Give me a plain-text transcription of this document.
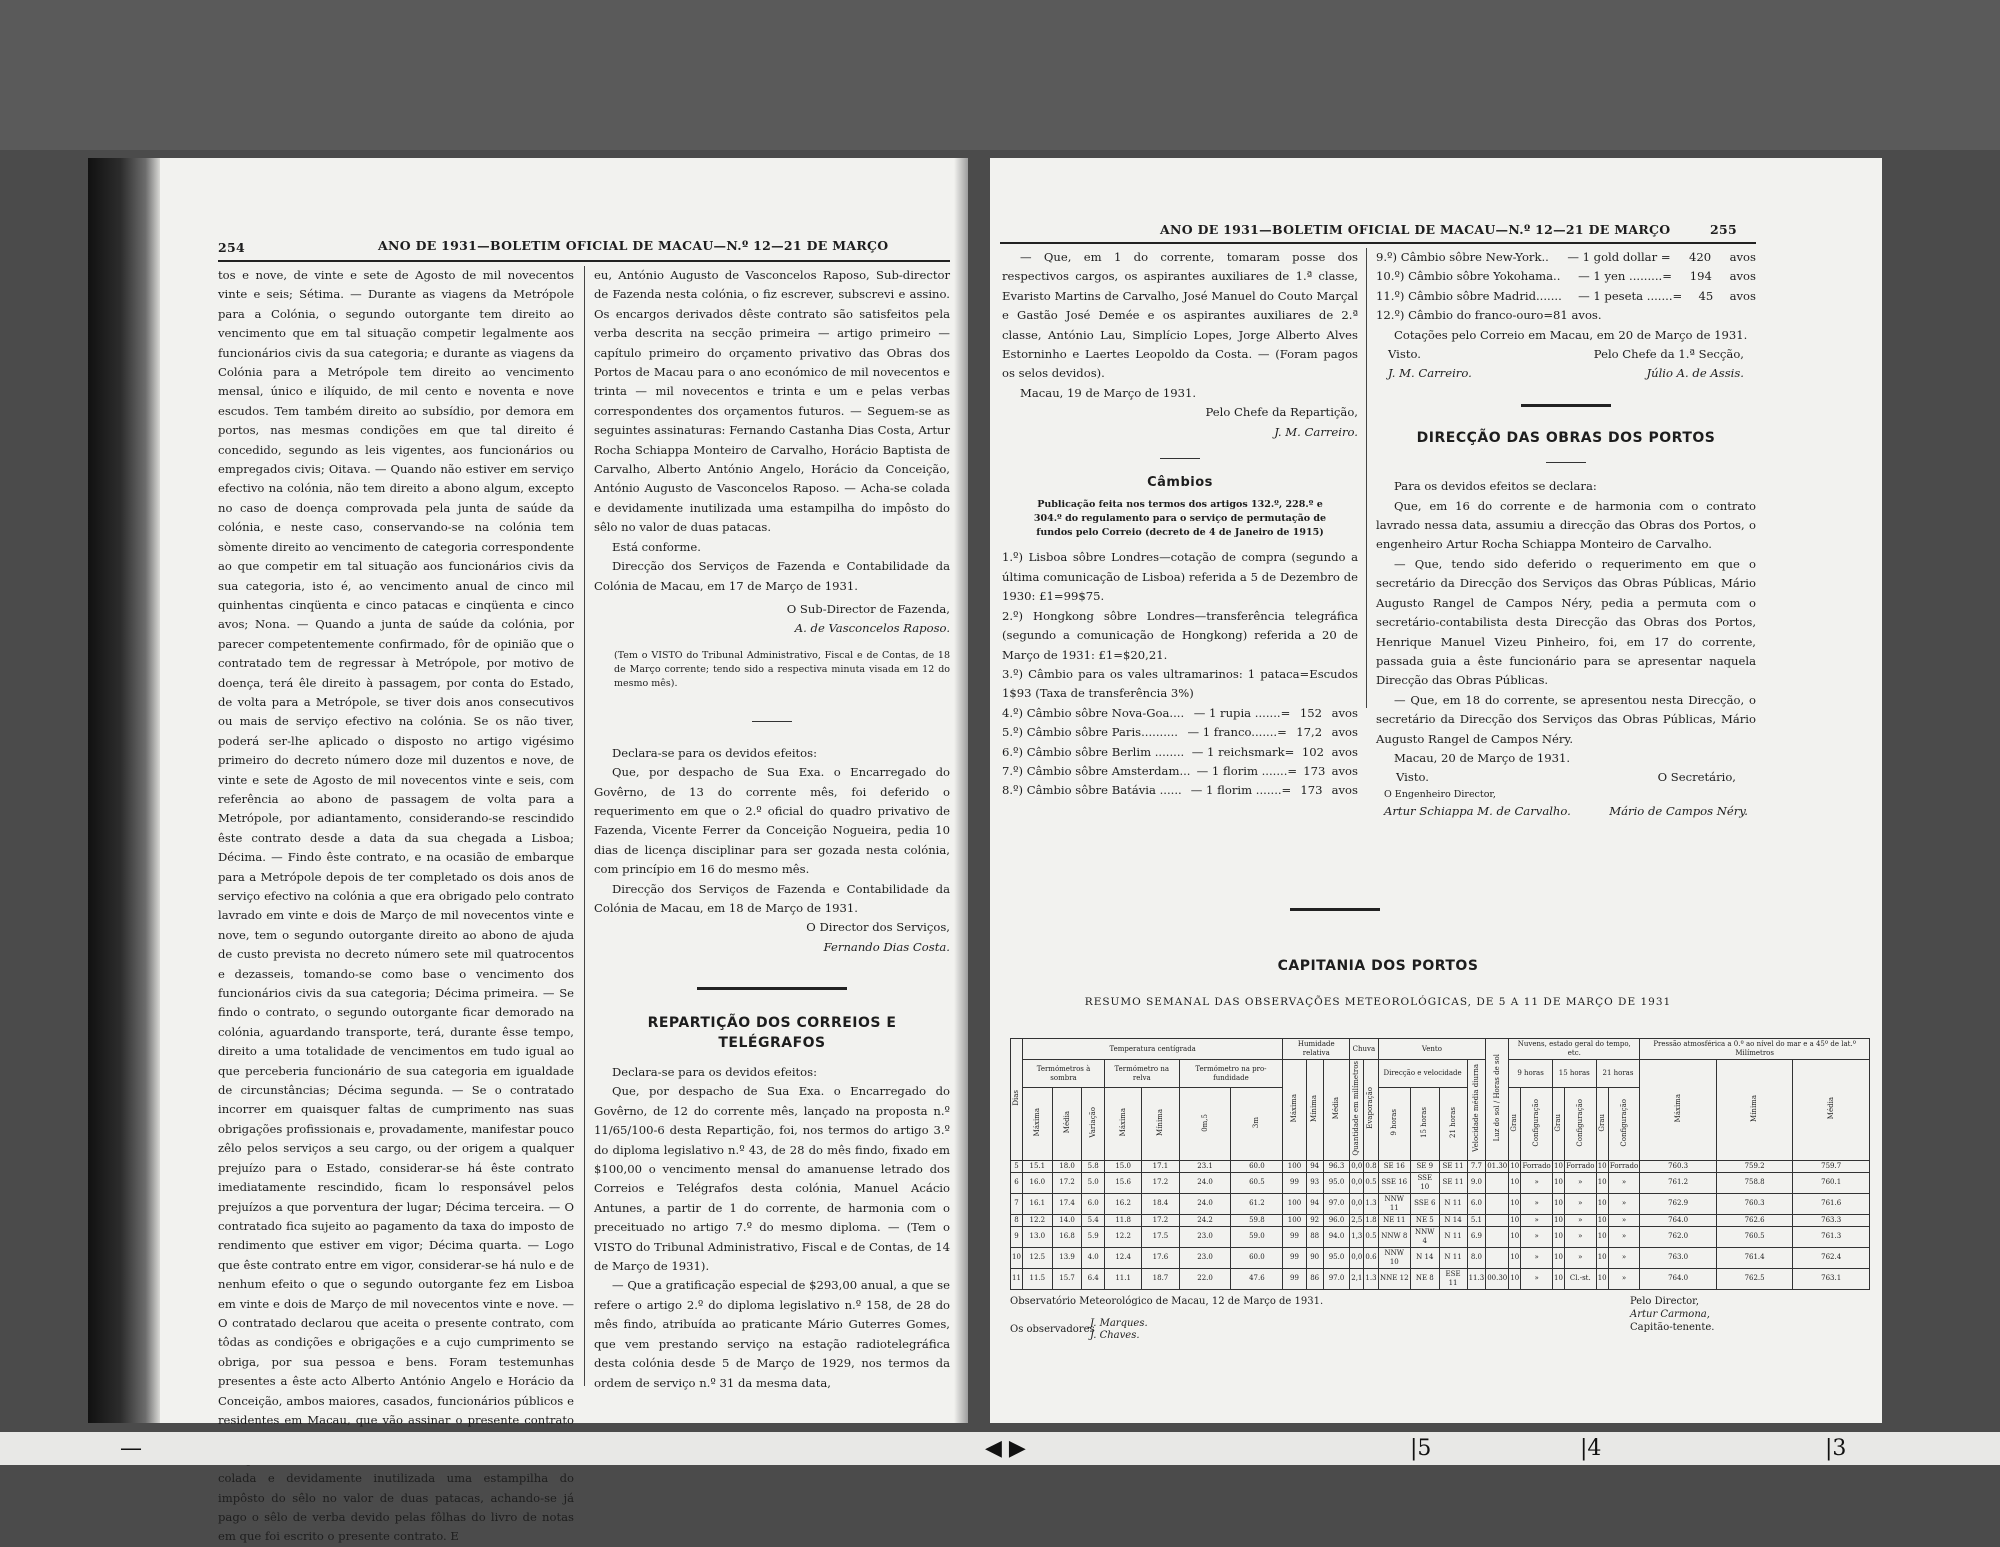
254	ANO DE 1931—BOLETIM OFICIAL DE MACAU—N.º 12—21 DE MARÇO

tos e nove, de vinte e sete de Agosto de mil novecentos vinte e seis; Sétima. — Durante as viagens da Metrópole para a Colónia, o segundo outorgante tem direito ao vencimento que em tal situação competir legalmente aos funcionários civis da sua categoria; e durante as viagens da Colónia para a Metrópole tem direito ao vencimento mensal, único e ilíquido, de mil cento e noventa e nove escudos. Tem também direito ao subsídio, por demora em portos, nas mesmas condições em que tal direito é concedido, segundo as leis vigentes, aos funcionários ou empregados civis; Oitava. — Quando não estiver em serviço efectivo na colónia, não tem direito a abono algum, excepto no caso de doença comprovada pela junta de saúde da colónia, e neste caso, conservando-se na colónia tem sòmente direito ao vencimento de categoria correspondente ao que competir em tal situação aos funcionários civis da sua categoria, isto é, ao vencimento anual de cinco mil quinhentas cinqüenta e cinco patacas e cinqüenta e cinco avos; Nona. — Quando a junta de saúde da colónia, por parecer competentemente confirmado, fôr de opinião que o contratado tem de regressar à Metrópole, por motivo de doença, terá êle direito à passagem, por conta do Estado, de volta para a Metrópole, se tiver dois anos consecutivos ou mais de serviço efectivo na colónia. Se os não tiver, poderá ser-lhe aplicado o disposto no artigo vigésimo primeiro do decreto número doze mil duzentos e nove, de vinte e sete de Agosto de mil novecentos vinte e seis, com referência ao abono de passagem de volta para a Metrópole, por adiantamento, considerando-se rescindido êste contrato desde a data da sua chegada a Lisboa; Décima. — Findo êste contrato, e na ocasião de embarque para a Metrópole depois de ter completado os dois anos de serviço efectivo na colónia a que era obrigado pelo contrato lavrado em vinte e dois de Março de mil novecentos vinte e nove, tem o segundo outorgante direito ao abono de ajuda de custo prevista no decreto número sete mil quatrocentos e dezasseis, tomando-se como base o vencimento dos funcionários civis da sua categoria; Décima primeira. — Se findo o contrato, o segundo outorgante ficar demorado na colónia, aguardando transporte, terá, durante êsse tempo, direito a uma totalidade de vencimentos em tudo igual ao que perceberia funcionário de sua categoria em igualdade de circunstâncias; Décima segunda. — Se o contratado incorrer em quaisquer faltas de cumprimento nas suas obrigações profissionais e, provadamente, manifestar pouco zêlo pelos serviços a seu cargo, ou der origem a qualquer prejuízo para o Estado, considerar-se há êste contrato imediatamente rescindido, ficam lo responsável pelos prejuízos a que porventura der lugar; Décima terceira. — O contratado fica sujeito ao pagamento da taxa do imposto de rendimento que estiver em vigor; Décima quarta. — Logo que êste contrato entre em vigor, considerar-se há nulo e de nenhum efeito o que o segundo outorgante fez em Lisboa em vinte e dois de Março de mil novecentos vinte e nove. — O contratado declarou que aceita o presente contrato, com tôdas as condições e obrigações e a cujo cumprimento se obriga, por sua pessoa e bens. Foram testemunhas presentes a êste acto Alberto António Angelo e Horácio da Conceição, ambos maiores, casados, funcionários públicos e residentes em Macau, que vão assinar o presente contrato colada e devidamente inutilizada uma estampilha do impôsto do sêlo no valor de duas patacas, achando-se já pago o sêlo de verba devido pelas fôlhas do livro de notas em que foi escrito o presente contrato. E

eu, António Augusto de Vasconcelos Raposo, Sub-director de Fazenda nesta colónia, o fiz escrever, subscrevi e assino. Os encargos derivados dêste contrato são satisfeitos pela verba descrita na secção primeira — artigo primeiro — capítulo primeiro do orçamento privativo das Obras dos Portos de Macau para o ano económico de mil novecentos e trinta — mil novecentos e trinta e um e pelas verbas correspondentes dos orçamentos futuros. — Seguem-se as seguintes assinaturas: Fernando Castanha Dias Costa, Artur Rocha Schiappa Monteiro de Carvalho, Horácio Baptista de Carvalho, Alberto António Angelo, Horácio da Conceição, António Augusto de Vasconcelos Raposo. — Acha-se colada e devidamente inutilizada uma estampilha do impôsto do sêlo no valor de duas patacas.

Está conforme.

Direcção dos Serviços de Fazenda e Contabilidade da Colónia de Macau, em 17 de Março de 1931.

O Sub-Director de Fazenda,

A. de Vasconcelos Raposo.

(Tem o VISTO do Tribunal Administrativo, Fiscal e de Contas, de 18 de Março corrente; tendo sido a respectiva minuta visada em 12 do mesmo mês).

Declara-se para os devidos efeitos:

Que, por despacho de Sua Exa. o Encarregado do Govêrno, de 13 do corrente mês, foi deferido o requerimento em que o 2.º oficial do quadro privativo de Fazenda, Vicente Ferrer da Conceição Nogueira, pedia 10 dias de licença disciplinar para ser gozada nesta colónia, com princípio em 16 do mesmo mês.

Direcção dos Serviços de Fazenda e Contabilidade da Colónia de Macau, em 18 de Março de 1931.

O Director dos Serviços,

Fernando Dias Costa.

REPARTIÇÃO DOS CORREIOS E TELÉGRAFOS

Declara-se para os devidos efeitos:

Que, por despacho de Sua Exa. o Encarregado do Govêrno, de 12 do corrente mês, lançado na proposta n.º 11/65/100-6 desta Repartição, foi, nos termos do artigo 3.º do diploma legislativo n.º 43, de 28 do mês findo, fixado em $100,00 o vencimento mensal do amanuense letrado dos Correios e Telégrafos desta colónia, Manuel Acácio Antunes, a partir de 1 do corrente, de harmonia com o preceituado no artigo 7.º do mesmo diploma. — (Tem o VISTO do Tribunal Administrativo, Fiscal e de Contas, de 14 de Março de 1931).

— Que a gratificação especial de $293,00 anual, a que se refere o artigo 2.º do diploma legislativo n.º 158, de 28 do mês findo, atribuída ao praticante Mário Guterres Gomes, que vem prestando serviço na estação radiotelegráfica desta colónia desde 5 de Março de 1929, nos termos da ordem de serviço n.º 31 da mesma data,

ANO DE 1931—BOLETIM OFICIAL DE MACAU—N.º 12—21 DE MARÇO	255

— Que, em 1 do corrente, tomaram posse dos respectivos cargos, os aspirantes auxiliares de 1.ª classe, Evaristo Martins de Carvalho, José Manuel do Couto Marçal e Gastão José Demée e os aspirantes auxiliares de 2.ª classe, António Lau, Simplício Lopes, Jorge Alberto Alves Estorninho e Laertes Leopoldo da Costa. — (Foram pagos os selos devidos).

Macau, 19 de Março de 1931.

Pelo Chefe da Repartição,

J. M. Carreiro.

Câmbios

Publicação feita nos termos dos artigos 132.º, 228.º e 304.º do regulamento para o serviço de permutação de fundos pelo Correio (decreto de 4 de Janeiro de 1915)

1.º) Lisboa sôbre Londres—cotação de compra (segundo a última comunicação de Lisboa) referida a 5 de Dezembro de 1930: £1=99$75.

2.º) Hongkong sôbre Londres—transferência telegráfica (segundo a comunicação de Hongkong) referida a 20 de Março de 1931: £1=$20,21.

3.º) Câmbio para os vales ultramarinos: 1 pataca=Escudos 1$93 (Taxa de transferência 3%)

4.º) Câmbio sôbre Nova-Goa.... — 1 rupia .......= 152 avos
5.º) Câmbio sôbre Paris.......... — 1 franco.......= 17,2 avos
6.º) Câmbio sôbre Berlim ........ — 1 reichsmark= 102 avos
7.º) Câmbio sôbre Amsterdam... — 1 florim .......= 173 avos
8.º) Câmbio sôbre Batávia ...... — 1 florim .......= 173 avos
9.º) Câmbio sôbre New-York.. — 1 gold dollar = 420 avos
10.º) Câmbio sôbre Yokohama.. — 1 yen .........= 194 avos
11.º) Câmbio sôbre Madrid....... — 1 peseta .......= 45 avos

12.º) Câmbio do franco-ouro=81 avos.

Cotações pelo Correio em Macau, em 20 de Março de 1931.

Visto.	Pelo Chefe da 1.ª Secção,
J. M. Carreiro.	Júlio A. de Assis.

DIRECÇÃO DAS OBRAS DOS PORTOS

Para os devidos efeitos se declara:

Que, em 16 do corrente e de harmonia com o contrato lavrado nessa data, assumiu a direcção das Obras dos Portos, o engenheiro Artur Rocha Schiappa Monteiro de Carvalho.

— Que, tendo sido deferido o requerimento em que o secretário da Direcção dos Serviços das Obras Públicas, Mário Augusto Rangel de Campos Néry, pedia a permuta com o secretário-contabilista desta Direcção das Obras dos Portos, Henrique Manuel Vizeu Pinheiro, foi, em 17 do corrente, passada guia a êste funcionário para se apresentar naquela Direcção das Obras Públicas.

— Que, em 18 do corrente, se apresentou nesta Direcção, o secretário da Direcção dos Serviços das Obras Públicas, Mário Augusto Rangel de Campos Néry.

Macau, 20 de Março de 1931.

Visto.	O Secretário,
O Engenheiro Director,
Artur Schiappa M. de Carvalho.	Mário de Campos Néry.
CAPITANIA DOS PORTOS
RESUMO SEMANAL DAS OBSERVAÇÕES METEOROLÓGICAS, DE 5 A 11 DE MARÇO DE 1931
Dias	Temperatura centígrada							Humidade relativa			Chuva		Vento				Luz do sol / Horas de sol	Nuvens, estado geral do tempo, etc.						Pressão atmosférica a 0.º ao nível do mar e a 45º de lat.º Milímetros		
	Termómetros à sombra			Termómetro na relva		Termómetro na pro-fundidade		Máxima	Mínima	Média	Quantidade em milímetros	Evaporação	Direcção e velocidade			Velocidade média diurna		9 horas		15 horas		21 horas		Máxima	Mínima	Média
	Máxima	Média	Variação	Máxima	Mínima	0m,5	3m						9 horas	15 horas	21 horas			Grau	Configuração	Grau	Configuração	Grau	Configuração			
5	15.1	18.0	5.8	15.0	17.1	23.1	60.0	100	94	96.3	0,0	0.8	SE 16	SE 9	SE 11	7.7	01.30	10	Forrado	10	Forrado	10	Forrado	760.3	759.2	759.7
6	16.0	17.2	5.0	15.6	17.2	24.0	60.5	99	93	95.0	0,0	0.5	SSE 16	SSE 10	SE 11	9.0		10	»	10	»	10	»	761.2	758.8	760.1
7	16.1	17.4	6.0	16.2	18.4	24.0	61.2	100	94	97.0	0,0	1.3	NNW 11	SSE 6	N 11	6.0		10	»	10	»	10	»	762.9	760.3	761.6
8	12.2	14.0	5.4	11.8	17.2	24.2	59.8	100	92	96.0	2,5	1.8	NE 11	NE 5	N 14	5.1		10	»	10	»	10	»	764.0	762.6	763.3
9	13.0	16.8	5.9	12.2	17.5	23.0	59.0	99	88	94.0	1,3	0.5	NNW 8	NNW 4	N 11	6.9		10	»	10	»	10	»	762.0	760.5	761.3
10	12.5	13.9	4.0	12.4	17.6	23.0	60.0	99	90	95.0	0,0	0.6	NNW 10	N 14	N 11	8.0		10	»	10	»	10	»	763.0	761.4	762.4
11	11.5	15.7	6.4	11.1	18.7	22.0	47.6	99	86	97.0	2,1	1.3	NNE 12	NE 8	ESE 11	11.3	00.30	10	»	10	Cl.-st.	10	»	764.0	762.5	763.1
Observatório Meteorológico de Macau, 12 de Março de 1931.
Os observadores
J. Marques.
J. Chaves.
Pelo Director,
Artur Carmona,
Capitão-tenente.
—	◀ ▶	|5	|4	|3
